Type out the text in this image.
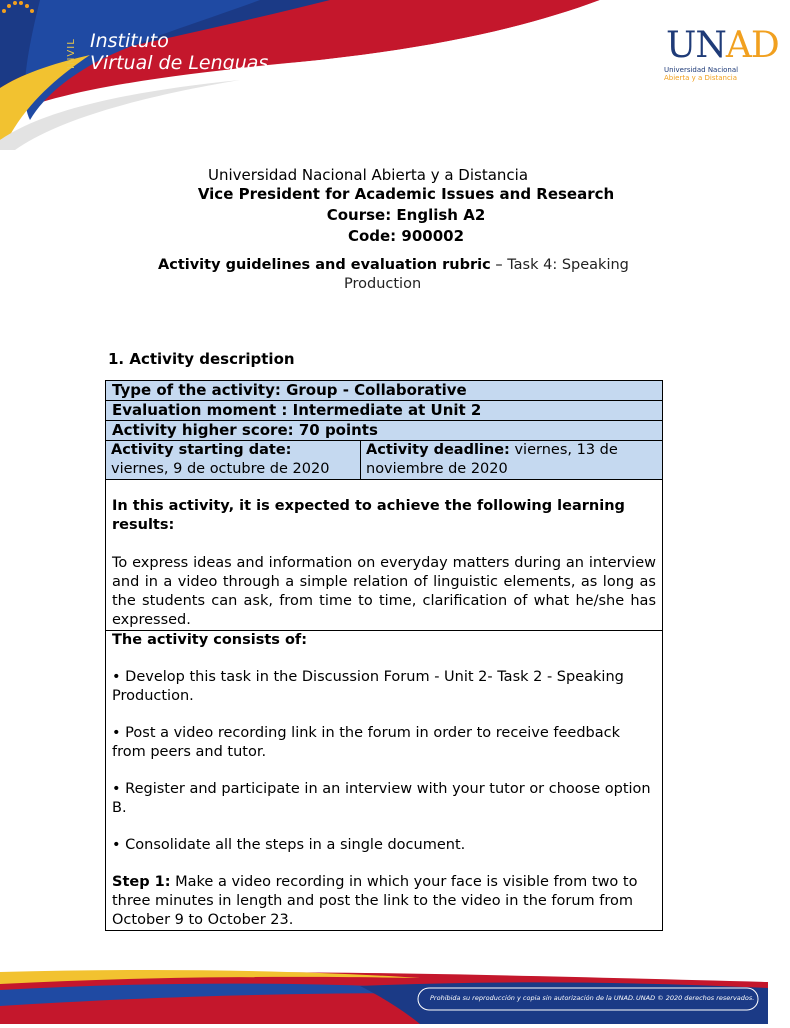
INVIL Instituto
Virtual de Lenguas	UNAD
Universidad Nacional
Abierta y a Distancia
Universidad Nacional Abierta y a Distancia
Vice President for Academic Issues and Research
Course: English A2
Code: 900002
Activity guidelines and evaluation rubric – Task 4: Speaking
Production
1. Activity description
Type of the activity: Group - Collaborative
Evaluation moment : Intermediate at Unit 2
Activity higher score: 70 points
Activity starting date:
viernes, 9 de octubre de 2020
Activity deadline: viernes, 13 de noviembre de 2020

In this activity, it is expected to achieve the following learning results:

To express ideas and information on everyday matters during an interview and in a video through a simple relation of linguistic elements, as long as the students can ask, from time to time, clarification of what he/she has expressed.

The activity consists of:

• Develop this task in the Discussion Forum - Unit 2- Task 2 - Speaking Production.

• Post a video recording link in the forum in order to receive feedback from peers and tutor.

• Register and participate in an interview with your tutor or choose option B.

• Consolidate all the steps in a single document.

Step 1: Make a video recording in which your face is visible from two to three minutes in length and post the link to the video in the forum from October 9 to October 23.

Prohibida su reproducción y copia sin autorización de la UNAD. UNAD © 2020 derechos reservados.
